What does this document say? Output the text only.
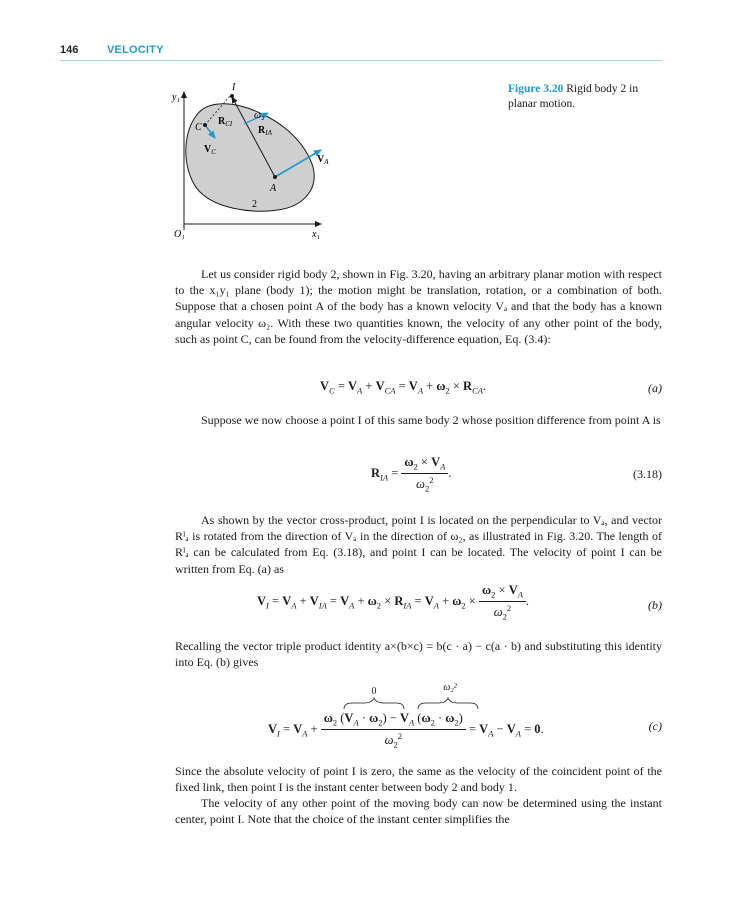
146	VELOCITY
y₁
O₁	x₁
I
C
A
2
ω₂
$R_{CI}$
$R_{IA}$
$V_C$
$V_A$
Figure 3.20 Rigid body 2 in planar motion.

Let us consider rigid body 2, shown in Fig. 3.20, having an arbitrary planar motion with respect to the x₁y₁ plane (body 1); the motion might be translation, rotation, or a combination of both. Suppose that a chosen point A of the body has a known velocity Vₐ and that the body has a known angular velocity ω₂. With these two quantities known, the velocity of any other point of the body, such as point C, can be found from the velocity-difference equation, Eq. (3.4):

$V_C = V_A + V_{CA} = V_A + \omega_2 \times R_{CA}$.	(a)

Suppose we now choose a point I of this same body 2 whose position difference from point A is

$R_{IA} = \frac{\omega_2 \times V_A}{\omega_2^2}$ .	(3.18)

As shown by the vector cross-product, point I is located on the perpendicular to Vₐ, and vector Rᴵₐ is rotated from the direction of Vₐ in the direction of ω₂, as illustrated in Fig. 3.20. The length of Rᴵₐ can be calculated from Eq. (3.18), and point I can be located. The velocity of point I can be written from Eq. (a) as

$V_I = V_A + V_{IA} = V_A + \omega_2 \times R_{IA} = V_A + \omega_2 \times \frac{\omega_2 \times V_A}{\omega_2^2}$ .	(b)

Recalling the vector triple product identity a×(b×c) = b(c · a) − c(a · b) and substituting this identity into Eq. (b) gives

0	ω₂²
$V_I = V_A + \frac{\omega_2 (V_A \cdot \omega_2) - V_A (\omega_2 \cdot \omega_2)}{\omega_2^2} = V_A - V_A = 0$.	(c)

Since the absolute velocity of point I is zero, the same as the velocity of the coincident point of the fixed link, then point I is the instant center between body 2 and body 1.

The velocity of any other point of the moving body can now be determined using the instant center, point I. Note that the choice of the instant center simplifies the
